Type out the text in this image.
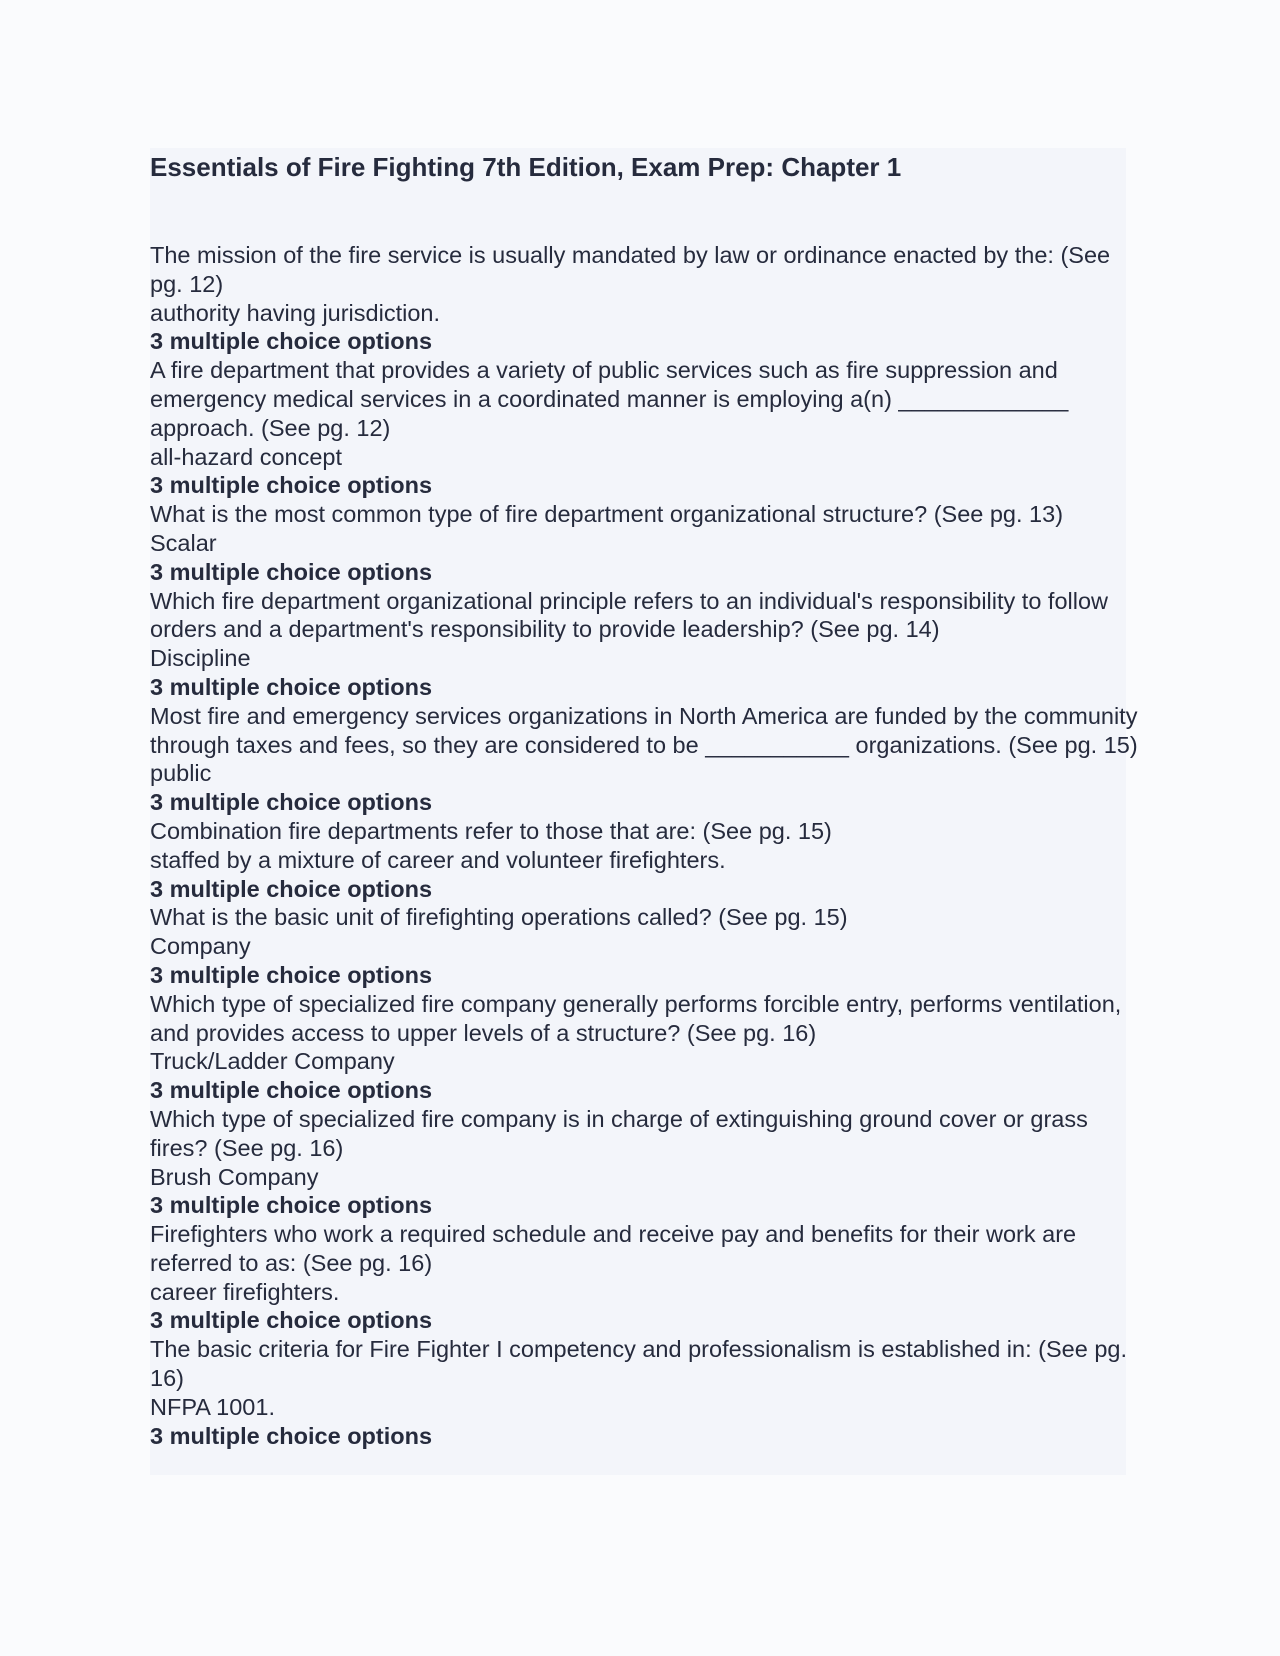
Essentials of Fire Fighting 7th Edition, Exam Prep: Chapter 1
The mission of the fire service is usually mandated by law or ordinance enacted by the: (See pg. 12)
authority having jurisdiction.
3 multiple choice options
A fire department that provides a variety of public services such as fire suppression and emergency medical services in a coordinated manner is employing a(n) _____________ approach. (See pg. 12)
all-hazard concept
3 multiple choice options
What is the most common type of fire department organizational structure? (See pg. 13)
Scalar
3 multiple choice options
Which fire department organizational principle refers to an individual's responsibility to follow orders and a department's responsibility to provide leadership? (See pg. 14)
Discipline
3 multiple choice options
Most fire and emergency services organizations in North America are funded by the community through taxes and fees, so they are considered to be ___________ organizations. (See pg. 15)
public
3 multiple choice options
Combination fire departments refer to those that are: (See pg. 15)
staffed by a mixture of career and volunteer firefighters.
3 multiple choice options
What is the basic unit of firefighting operations called? (See pg. 15)
Company
3 multiple choice options
Which type of specialized fire company generally performs forcible entry, performs ventilation, and provides access to upper levels of a structure? (See pg. 16)
Truck/Ladder Company
3 multiple choice options
Which type of specialized fire company is in charge of extinguishing ground cover or grass fires? (See pg. 16)
Brush Company
3 multiple choice options
Firefighters who work a required schedule and receive pay and benefits for their work are referred to as: (See pg. 16)
career firefighters.
3 multiple choice options
The basic criteria for Fire Fighter I competency and professionalism is established in: (See pg. 16)
NFPA 1001.
3 multiple choice options
